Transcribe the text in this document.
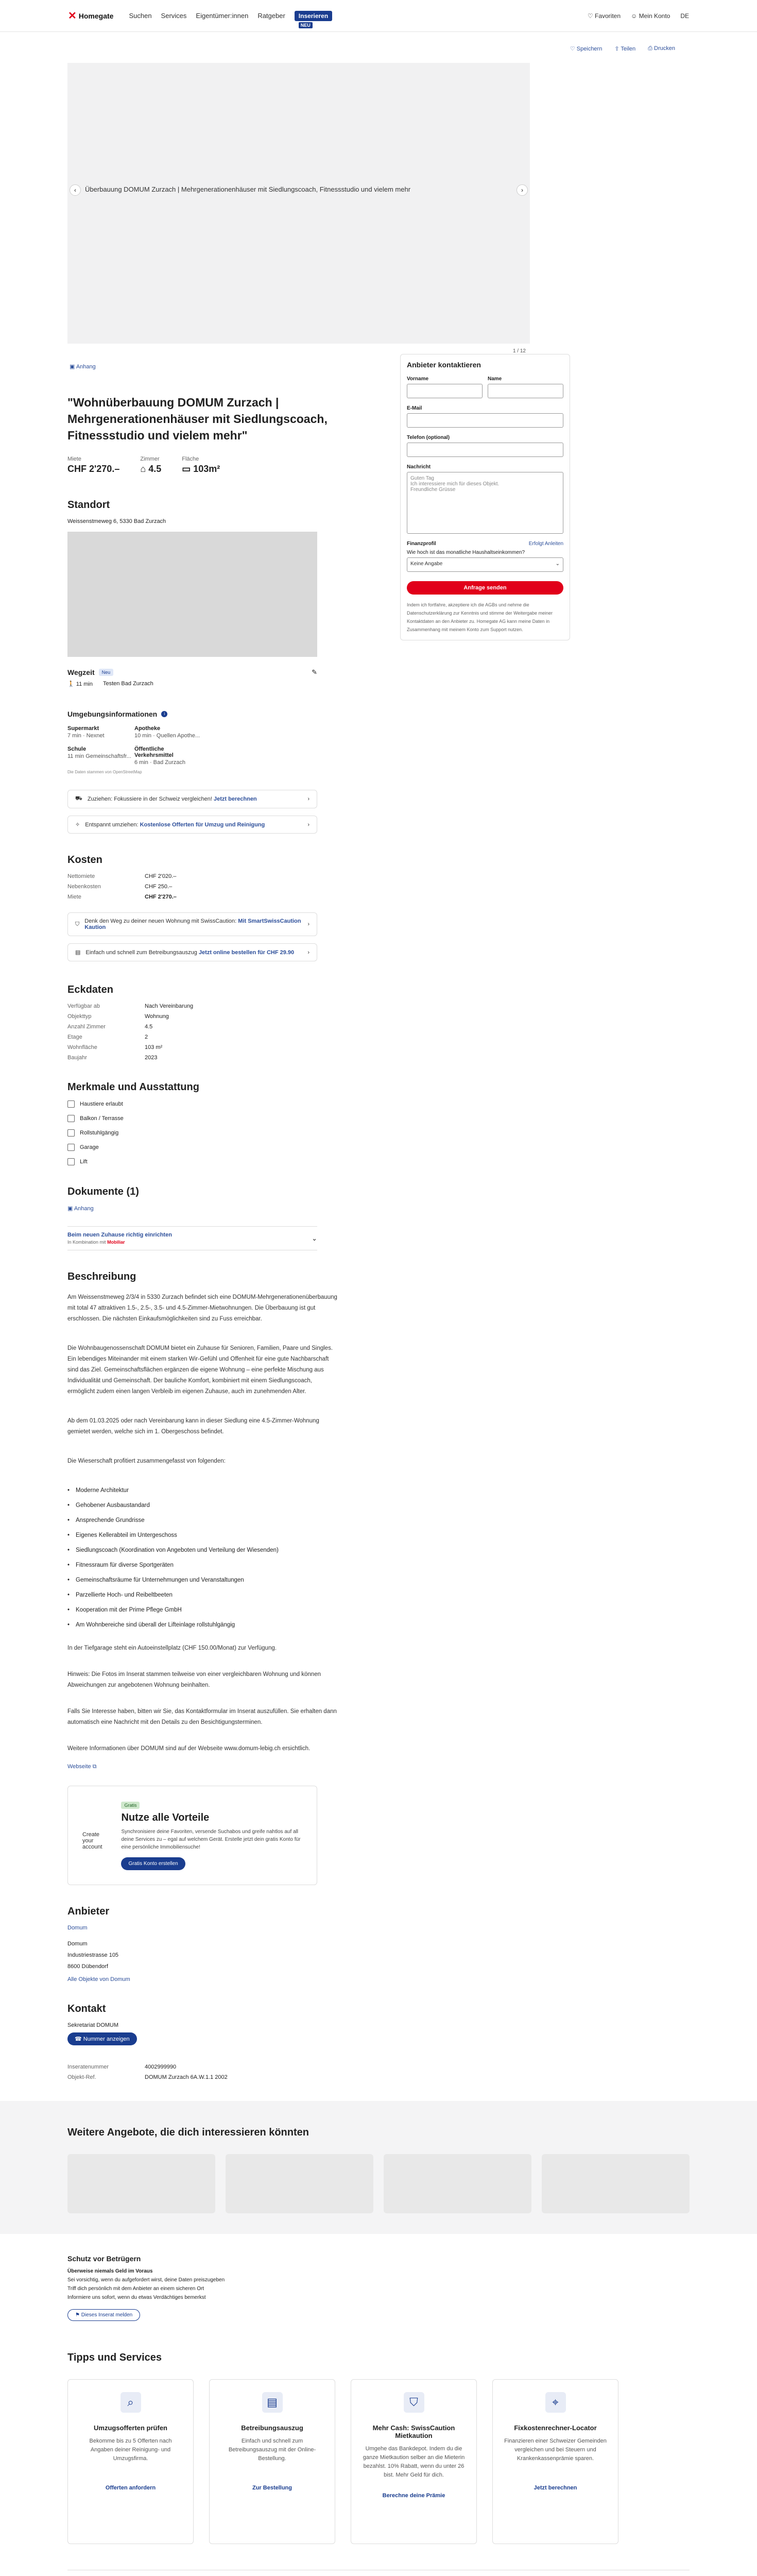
✕ Homegate Suchen Services Eigentümer:innen Ratgeber	Inserieren
NEU
♡ Favoriten ☺ Mein Konto DE
♡ Speichern ⇪ Teilen ⎙ Drucken
‹	Überbauung DOMUM Zurzach | Mehrgenerationenhäuser mit Siedlungscoach, Fitnessstudio und vielem mehr	›
1 / 12
▣ Anhang
"Wohnüberbauung DOMUM Zurzach | Mehrgenerationenhäuser mit Siedlungscoach, Fitnessstudio und vielem mehr"
Miete
CHF 2'270.–
Zimmer
⌂ 4.5
Fläche
▭ 103m²
Standort
Weissenstmeweg 6, 5330 Bad Zurzach
Wegzeit	Neu	✎
🚶 11 min Testen Bad Zurzach
Umgebungsinformationen	i
Supermarkt
7 min · Nexnet
Apotheke
10 min · Quellen Apothe...
Schule
11 min Gemeinschaftsfr...
Öffentliche Verkehrsmittel
6 min · Bad Zurzach
Die Daten stammen von OpenStreetMap
⛟ Zuziehen: Fokussiere in der Schweiz vergleichen! Jetzt berechnen	›
✧ Entspannt umziehen: Kostenlose Offerten für Umzug und Reinigung	›
Kosten
Nettomiete	CHF 2'020.–
Nebenkosten	CHF 250.–
Miete	CHF 2'270.–
⛉ Denk den Weg zu deiner neuen Wohnung mit SwissCaution: Mit SmartSwissCaution Kaution	›
▤ Einfach und schnell zum Betreibungsauszug Jetzt online bestellen für CHF 29.90 ›
Eckdaten
Verfügbar ab	Nach Vereinbarung
Objekttyp	Wohnung
Anzahl Zimmer	4.5
Etage	2
Wohnfläche	103 m²
Baujahr	2023
Merkmale und Ausstattung
Haustiere erlaubt
Balkon / Terrasse
Rollstuhlgängig
Garage
Lift
Dokumente (1)
▣ Anhang
Beim neuen Zuhause richtig einrichten
In Kombination mit Mobiliar
⌄
Beschreibung

Am Weissenstmeweg 2/3/4 in 5330 Zurzach befindet sich eine DOMUM-Mehrgenerationenüberbauung mit total 47 attraktiven 1.5-, 2.5-, 3.5- und 4.5-Zimmer-Mietwohnungen. Die Überbauung ist gut erschlossen. Die nächsten Einkaufsmöglichkeiten sind zu Fuss erreichbar.

Die Wohnbaugenossenschaft DOMUM bietet ein Zuhause für Senioren, Familien, Paare und Singles. Ein lebendiges Miteinander mit einem starken Wir-Gefühl und Offenheit für eine gute Nachbarschaft sind das Ziel. Gemeinschaftsflächen ergänzen die eigene Wohnung – eine perfekte Mischung aus Individualität und Gemeinschaft. Der bauliche Komfort, kombiniert mit einem Siedlungscoach, ermöglicht zudem einen langen Verbleib im eigenen Zuhause, auch im zunehmenden Alter.

Ab dem 01.03.2025 oder nach Vereinbarung kann in dieser Siedlung eine 4.5-Zimmer-Wohnung gemietet werden, welche sich im 1. Obergeschoss befindet.

Die Wieserschaft profitiert zusammengefasst von folgenden:

• Moderne Architektur
• Gehobener Ausbaustandard
• Ansprechende Grundrisse
• Eigenes Kellerabteil im Untergeschoss
• Siedlungscoach (Koordination von Angeboten und Verteilung der Wiesenden)
• Fitnessraum für diverse Sportgeräten
• Gemeinschaftsräume für Unternehmungen und Veranstaltungen
• Parzellierte Hoch- und Reibeltbeeten
• Kooperation mit der Prime Pflege GmbH
• Am Wohnbereiche sind überall der Lifteinlage rollstuhlgängig

In der Tiefgarage steht ein Autoeinstellplatz (CHF 150.00/Monat) zur Verfügung.

Hinweis: Die Fotos im Inserat stammen teilweise von einer vergleichbaren Wohnung und können Abweichungen zur angebotenen Wohnung beinhalten.

Falls Sie Interesse haben, bitten wir Sie, das Kontaktformular im Inserat auszufüllen. Sie erhalten dann automatisch eine Nachricht mit den Details zu den Besichtigungsterminen.

Weitere Informationen über DOMUM sind auf der Webseite www.domum-lebig.ch ersichtlich.

Webseite ⧉
Create your account
Gratis
Nutze alle Vorteile
Synchronisiere deine Favoriten, versende Suchabos und greife nahtlos auf all deine Services zu – egal auf welchem Gerät. Erstelle jetzt dein gratis Konto für eine persönliche Immobiliensuche!
Gratis Konto erstellen
Anbieter
Domum
Domum
Industriestrasse 105
8600 Dübendorf
Alle Objekte von Domum
Kontakt
Sekretariat DOMUM
☎ Nummer anzeigen
Inseratenummer	4002999990
Objekt-Ref.	DOMUM Zurzach 6A.W.1.1 2002
Anbieter kontaktieren
Vorname	Name
E-Mail
Telefon (optional)
Nachricht
Guten Tag
Ich interessiere mich für dieses Objekt.
Freundliche Grüsse
Finanzprofil	Erfolgt Anleiten
Wie hoch ist das monatliche Haushaltseinkommen?
Keine Angabe	⌄
Anfrage senden
Indem ich fortfahre, akzeptiere ich die AGBs und nehme die Datenschutzerklärung zur Kenntnis und stimme der Weitergabe meiner Kontaktdaten an den Anbieter zu. Homegate AG kann meine Daten in Zusammenhang mit meinem Konto zum Support nutzen.
Weitere Angebote, die dich interessieren könnten
Schutz vor Betrügern
Überweise niemals Geld im Voraus
Sei vorsichtig, wenn du aufgefordert wirst, deine Daten preiszugeben
Triff dich persönlich mit dem Anbieter an einem sicheren Ort
Informiere uns sofort, wenn du etwas Verdächtiges bemerkst
⚑ Dieses Inserat melden
Tipps und Services
⌕
Umzugsofferten prüfen

Bekomme bis zu 5 Offerten nach Angaben deiner Reinigung- und Umzugsfirma.

Offerten anfordern
▤
Betreibungsauszug

Einfach und schnell zum Betreibungsauszug mit der Online-Bestellung.

Zur Bestellung
⛉
Mehr Cash: SwissCaution Mietkaution

Umgehe das Bankdepot. Indem du die ganze Mietkaution selber an die Mieterin bezahlst. 10% Rabatt, wenn du unter 26 bist. Mehr Geld für dich.

Berechne deine Prämie
⌖
Fixkostenrechner-Locator

Finanzieren einer Schweizer Gemeinden vergleichen und bei Steuern und Krankenkassenprämie sparen.

Jetzt berechnen
